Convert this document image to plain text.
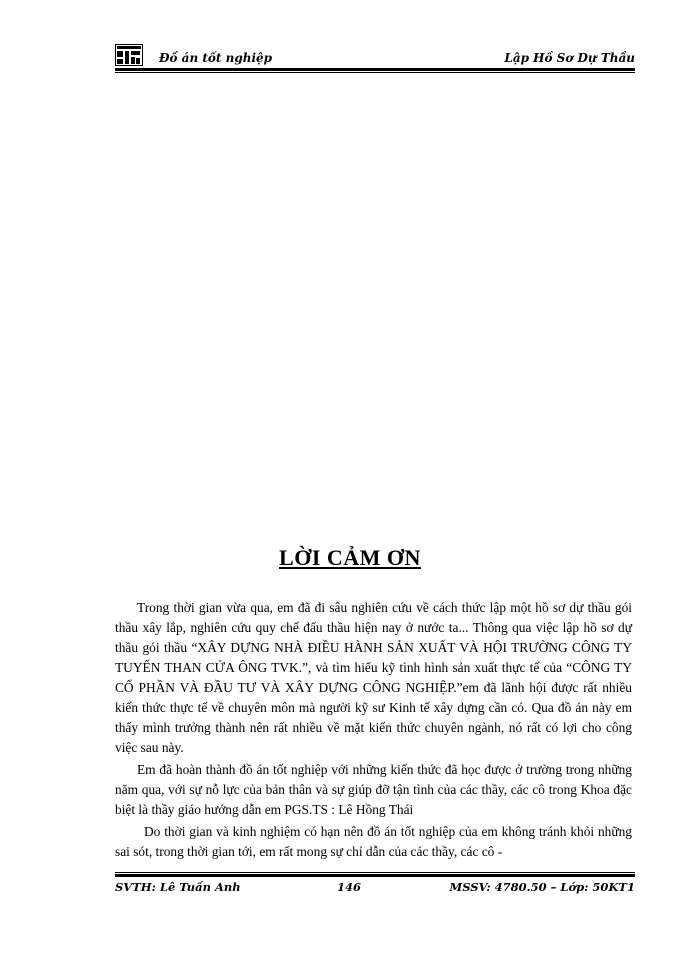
Đồ án tốt nghiệp	Lập Hồ Sơ Dự Thầu
LỜI CẢM ƠN

Trong thời gian vừa qua, em đã đi sâu nghiên cứu về cách thức lập một hồ sơ dự thầu gói thầu xây lắp, nghiên cứu quy chế đấu thầu hiện nay ở nước ta... Thông qua việc lập hồ sơ dự thầu gói thầu “XÂY DỰNG NHÀ ĐIỀU HÀNH SẢN XUẤT VÀ HỘI TRƯỜNG CÔNG TY TUYỂN THAN CỬA ÔNG TVK.”, và tìm hiểu kỹ tình hình sản xuất thực tế của “CÔNG TY CỔ PHẦN VÀ ĐẦU TƯ VÀ XÂY DỰNG CÔNG NGHIỆP.”em đã lãnh hội được rất nhiều kiến thức thực tế về chuyên môn mà người kỹ sư Kinh tế xây dựng cần có. Qua đồ án này em thấy mình trưởng thành nên rất nhiều về mặt kiến thức chuyên ngành, nó rất có lợi cho công việc sau này.

Em đã hoàn thành đồ án tốt nghiệp với những kiến thức đã học được ở trường trong những năm qua, với sự nỗ lực của bản thân và sự giúp đỡ tận tình của các thầy, các cô trong Khoa đặc biệt là thầy giáo hướng dẫn em PGS.TS : Lê Hồng Thái

Do thời gian và kinh nghiệm có hạn nên đồ án tốt nghiệp của em không tránh khỏi những sai sót, trong thời gian tới, em rất mong sự chỉ dẫn của các thầy, các cô -

SVTH: Lê Tuấn Anh	146	MSSV: 4780.50 – Lớp: 50KT1
